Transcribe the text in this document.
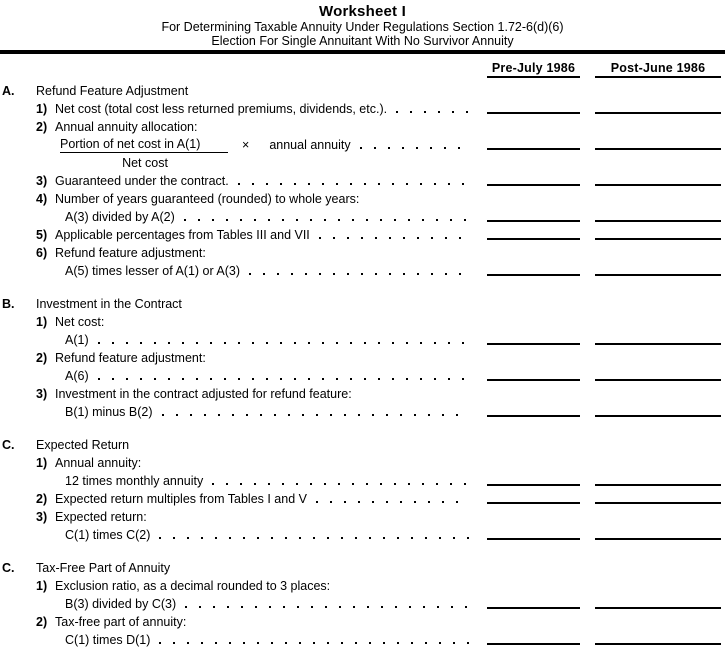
Worksheet I
For Determining Taxable Annuity Under Regulations Section 1.72-6(d)(6)
Election For Single Annuitant With No Survivor Annuity
Pre-July 1986	Post-June 1986
A.	Refund Feature Adjustment
1) Net cost (total cost less returned premiums, dividends, etc.).
2) Annual annuity allocation:
Portion of net cost in A(1)	× annual annuity
Net cost
3) Guaranteed under the contract.
4) Number of years guaranteed (rounded) to whole years:
A(3) divided by A(2)
5) Applicable percentages from Tables III and VII
6) Refund feature adjustment:
A(5) times lesser of A(1) or A(3)
B.	Investment in the Contract
1) Net cost:
A(1)
2) Refund feature adjustment:
A(6)
3) Investment in the contract adjusted for refund feature:
B(1) minus B(2)
C.	Expected Return
1) Annual annuity:
12 times monthly annuity
2) Expected return multiples from Tables I and V
3) Expected return:
C(1) times C(2)
C.	Tax-Free Part of Annuity
1) Exclusion ratio, as a decimal rounded to 3 places:
B(3) divided by C(3)
2) Tax-free part of annuity:
C(1) times D(1)
